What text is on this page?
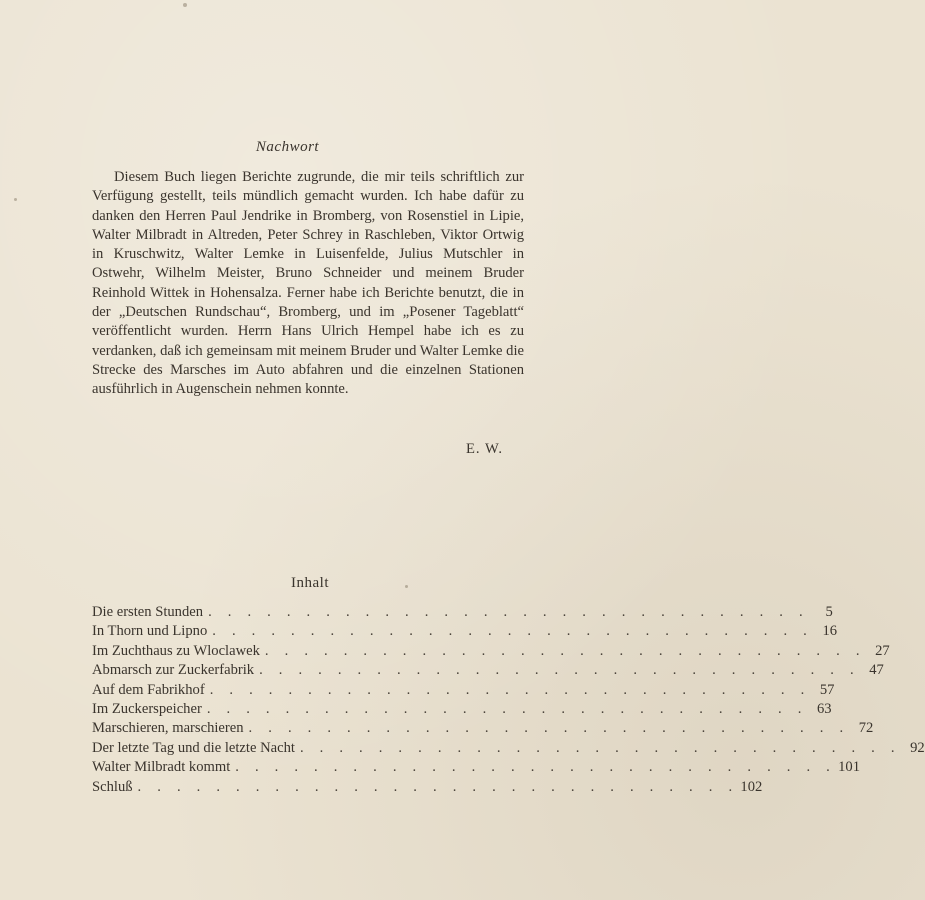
Nachwort

Diesem Buch liegen Berichte zugrunde, die mir teils schriftlich zur Verfügung gestellt, teils mündlich gemacht wurden. Ich habe dafür zu danken den Herren Paul Jendrike in Bromberg, von Rosenstiel in Lipie, Walter Milbradt in Altreden, Peter Schrey in Raschleben, Viktor Ortwig in Kruschwitz, Walter Lemke in Luisenfelde, Julius Mutschler in Ostwehr, Wilhelm Meister, Bruno Schneider und meinem Bruder Reinhold Wittek in Hohensalza. Ferner habe ich Berichte benutzt, die in der „Deutschen Rundschau“, Bromberg, und im „Posener Tageblatt“ veröffentlicht wurden. Herrn Hans Ulrich Hempel habe ich es zu verdanken, daß ich gemeinsam mit meinem Bruder und Walter Lemke die Strecke des Marsches im Auto abfahren und die einzelnen Stationen ausführlich in Augenschein nehmen konnte.

E. W.
Inhalt
Die ersten Stunden . . . . . . . . . . . . . . . . . . . . . . . . . . . . . . .	5
In Thorn und Lipno . . . . . . . . . . . . . . . . . . . . . . . . . . . . . . . 16
Im Zuchthaus zu Wloclawek . . . . . . . . . . . . . . . . . . . . . . . . . . . . . . . 27
Abmarsch zur Zuckerfabrik . . . . . . . . . . . . . . . . . . . . . . . . . . . . . . . 47
Auf dem Fabrikhof . . . . . . . . . . . . . . . . . . . . . . . . . . . . . . . 57
Im Zuckerspeicher . . . . . . . . . . . . . . . . . . . . . . . . . . . . . . . 63
Marschieren, marschieren . . . . . . . . . . . . . . . . . . . . . . . . . . . . . . . 72
Der letzte Tag und die letzte Nacht . . . . . . . . . . . . . . . . . . . . . . . . . . . . . . . 92
Walter Milbradt kommt . . . . . . . . . . . . . . . . . . . . . . . . . . . . . . . 101
Schluß . . . . . . . . . . . . . . . . . . . . . . . . . . . . . . . 102
